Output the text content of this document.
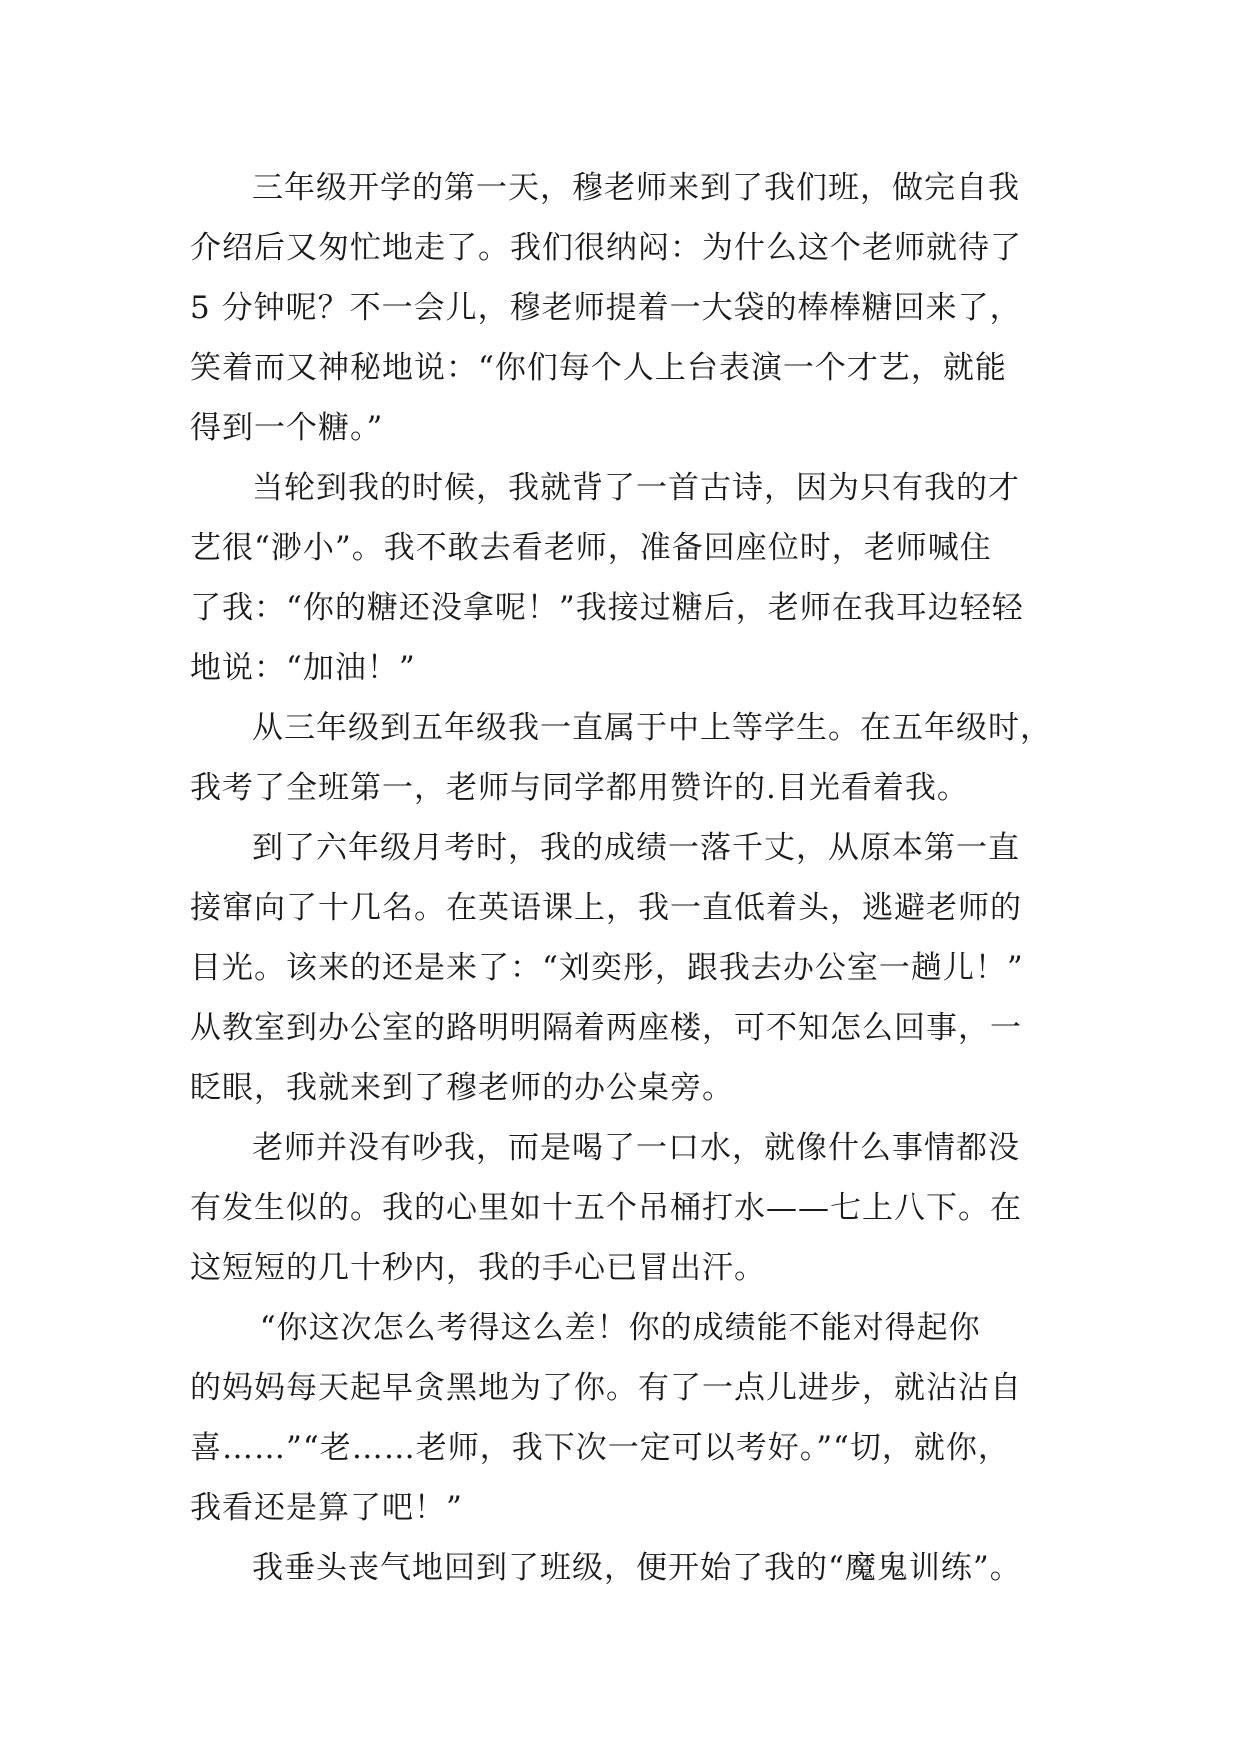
三年级开学的第一天，穆老师来到了我们班，做完自我
介绍后又匆忙地走了。我们很纳闷：为什么这个老师就待了
5 分钟呢？不一会儿，穆老师提着一大袋的棒棒糖回来了，
笑着而又神秘地说：“你们每个人上台表演一个才艺，就能
得到一个糖。”

当轮到我的时候，我就背了一首古诗，因为只有我的才
艺很“渺小”。我不敢去看老师，准备回座位时，老师喊住
了我：“你的糖还没拿呢！”我接过糖后，老师在我耳边轻轻
地说：“加油！”

从三年级到五年级我一直属于中上等学生。在五年级时，
我考了全班第一，老师与同学都用赞许的.目光看着我。

到了六年级月考时，我的成绩一落千丈，从原本第一直
接窜向了十几名。在英语课上，我一直低着头，逃避老师的
目光。该来的还是来了：“刘奕彤，跟我去办公室一趟儿！”
从教室到办公室的路明明隔着两座楼，可不知怎么回事，一
眨眼，我就来到了穆老师的办公桌旁。

老师并没有吵我，而是喝了一口水，就像什么事情都没
有发生似的。我的心里如十五个吊桶打水——七上八下。在
这短短的几十秒内，我的手心已冒出汗。

“你这次怎么考得这么差！你的成绩能不能对得起你
的妈妈每天起早贪黑地为了你。有了一点儿进步，就沾沾自
喜……”“老……老师，我下次一定可以考好。”“切，就你，
我看还是算了吧！”

我垂头丧气地回到了班级，便开始了我的“魔鬼训练”。
